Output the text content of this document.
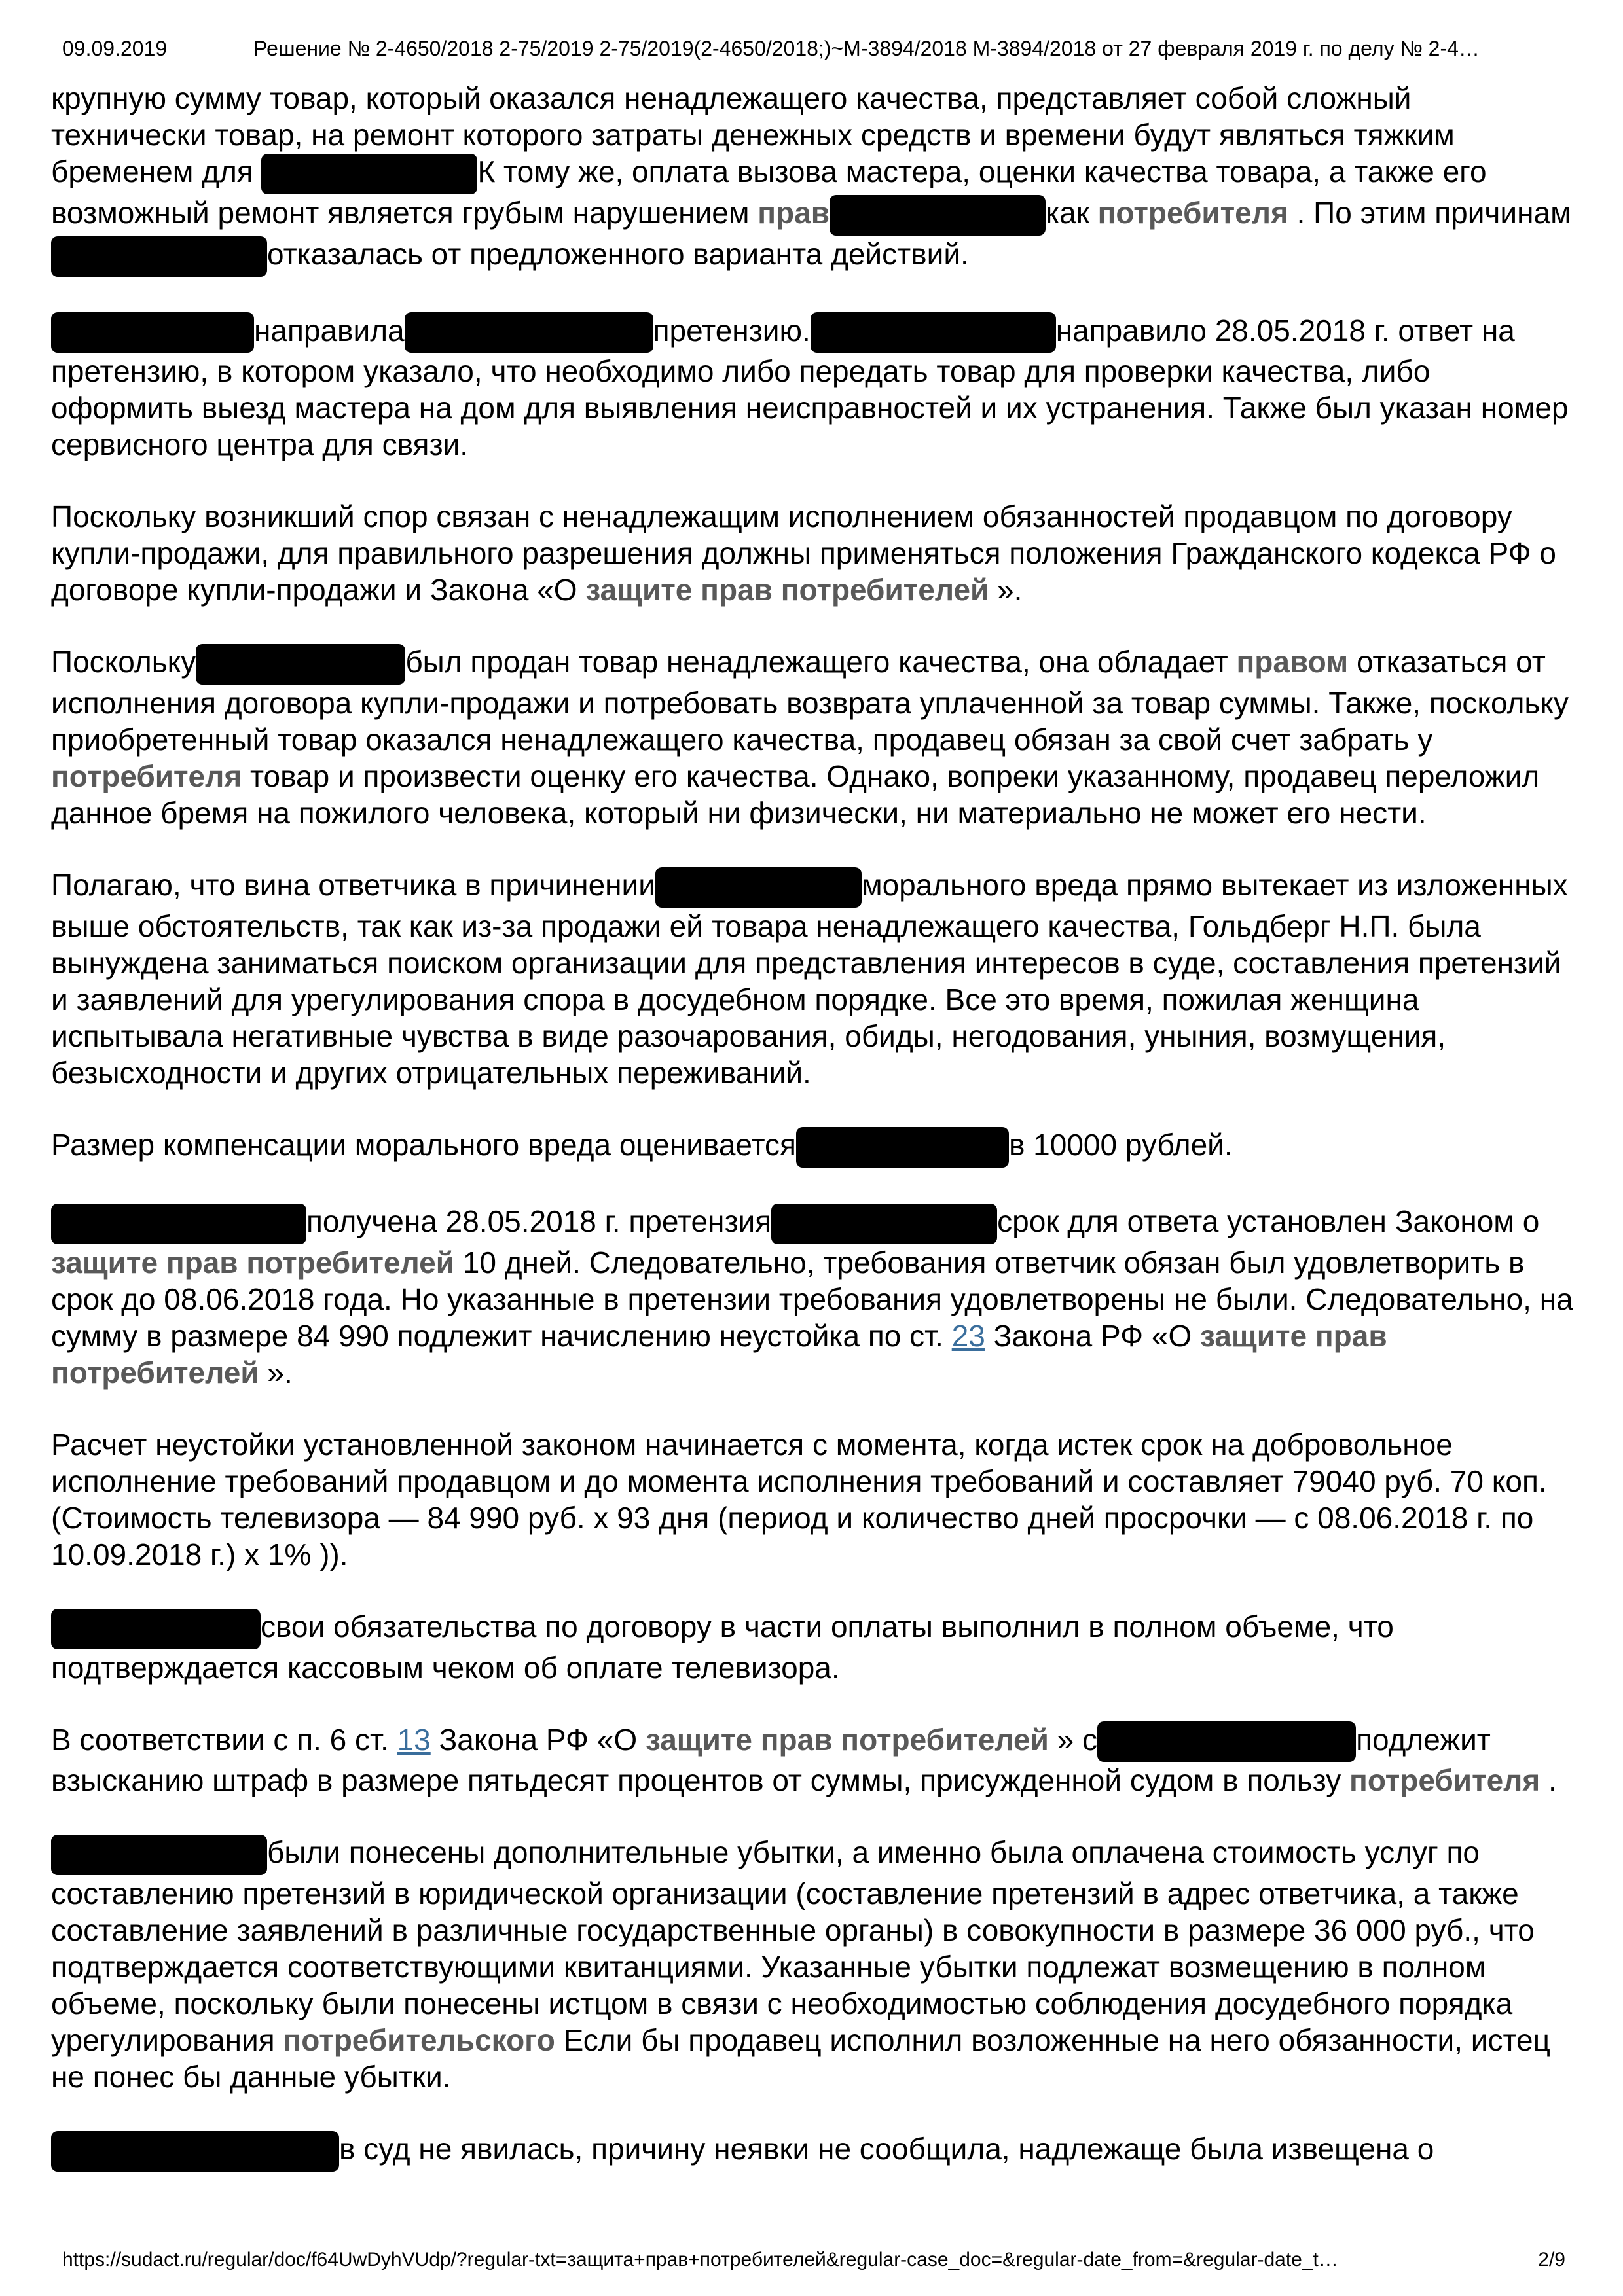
09.09.2019	Решение № 2-4650/2018 2-75/2019 2-75/2019(2-4650/2018;)~М-3894/2018 М-3894/2018 от 27 февраля 2019 г. по делу № 2-4…

крупную сумму товар, который оказался ненадлежащего качества, представляет собой сложный технически товар, на ремонт которого затраты денежных средств и времени будут являться тяжким бременем для	К тому же, оплата вызова мастера, оценки качества товара, а также его возможный ремонт является грубым нарушением прав	как потребителя . По этим причинамотказалась от предложенного варианта действий.

направила	претензию.	направило 28.05.2018 г. ответ на претензию, в котором указало, что необходимо либо передать товар для проверки качества, либо оформить выезд мастера на дом для выявления неисправностей и их устранения. Также был указан номер сервисного центра для связи.

Поскольку возникший спор связан с ненадлежащим исполнением обязанностей продавцом по договору купли-продажи, для правильного разрешения должны применяться положения Гражданского кодекса РФ о договоре купли-продажи и Закона «О защите прав потребителей ».

Поскольку	был продан товар ненадлежащего качества, она обладает правом отказаться от исполнения договора купли-продажи и потребовать возврата уплаченной за товар суммы. Также, поскольку приобретенный товар оказался ненадлежащего качества, продавец обязан за свой счет забрать у потребителя товар и произвести оценку его качества. Однако, вопреки указанному, продавец переложил данное бремя на пожилого человека, который ни физически, ни материально не может его нести.

Полагаю, что вина ответчика в причинении	морального вреда прямо вытекает из изложенных выше обстоятельств, так как из-за продажи ей товара ненадлежащего качества, Гольдберг Н.П. была вынуждена заниматься поиском организации для представления интересов в суде, составления претензий и заявлений для урегулирования спора в досудебном порядке. Все это время, пожилая женщина испытывала негативные чувства в виде разочарования, обиды, негодования, уныния, возмущения, безысходности и других отрицательных переживаний.

Размер компенсации морального вреда оценивается	в 10000 рублей.

получена 28.05.2018 г. претензия	срок для ответа установлен Законом о защите прав потребителей 10 дней. Следовательно, требования ответчик обязан был удовлетворить в срок до 08.06.2018 года. Но указанные в претензии требования удовлетворены не были. Следовательно, на сумму в размере 84 990 подлежит начислению неустойка по ст. 23 Закона РФ «О защите прав потребителей ».

Расчет неустойки установленной законом начинается с момента, когда истек срок на добровольное исполнение требований продавцом и до момента исполнения требований и составляет 79040 руб. 70 коп. (Стоимость телевизора — 84 990 руб. x 93 дня (период и количество дней просрочки — с 08.06.2018 г. по 10.09.2018 г.) x 1% )).

свои обязательства по договору в части оплаты выполнил в полном объеме, что подтверждается кассовым чеком об оплате телевизора.

В соответствии с п. 6 ст. 13 Закона РФ «О защите прав потребителей » с	подлежит взысканию штраф в размере пятьдесят процентов от суммы, присужденной судом в пользу потребителя .

были понесены дополнительные убытки, а именно была оплачена стоимость услуг по составлению претензий в юридической организации (составление претензий в адрес ответчика, а также составление заявлений в различные государственные органы) в совокупности в размере 36 000 руб., что подтверждается соответствующими квитанциями. Указанные убытки подлежат возмещению в полном объеме, поскольку были понесены истцом в связи с необходимостью соблюдения досудебного порядка урегулирования потребительского Если бы продавец исполнил возложенные на него обязанности, истец не понес бы данные убытки.

в суд не явилась, причину неявки не сообщила, надлежаще была извещена о

https://sudact.ru/regular/doc/f64UwDyhVUdp/?regular-txt=защита+прав+потребителей&regular-case_doc=&regular-date_from=&regular-date_t…	2/9
